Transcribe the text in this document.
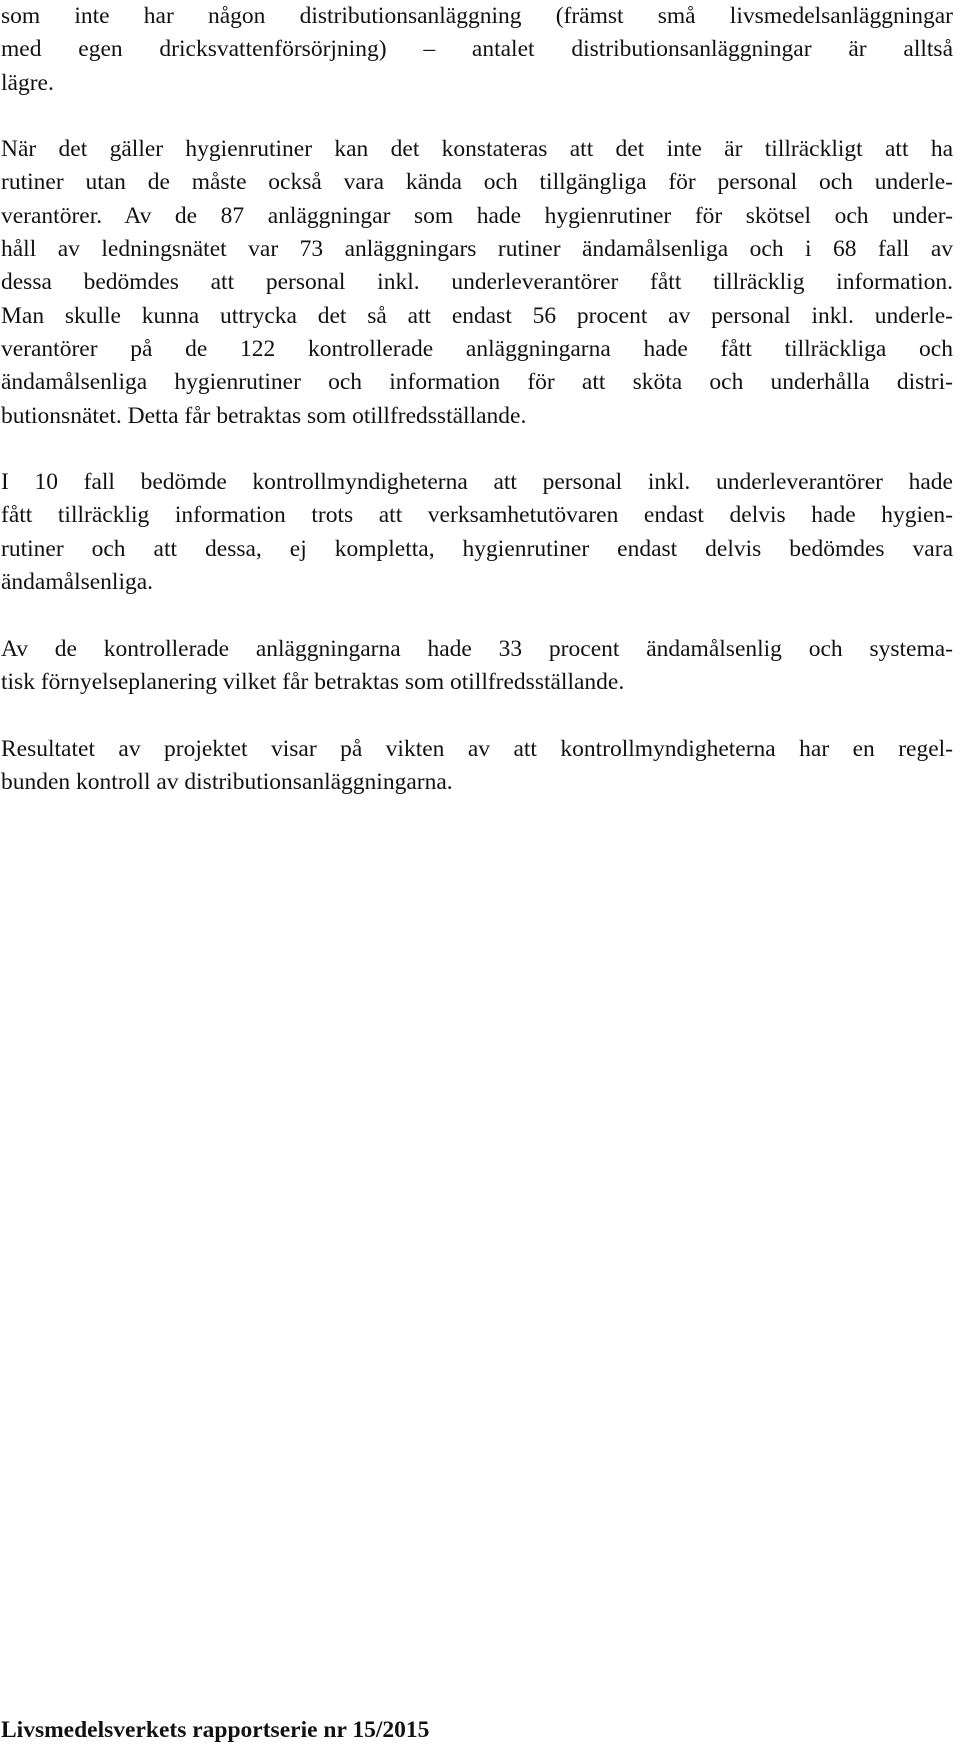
som inte har någon distributionsanläggning (främst små livsmedelsanläggningar
med egen dricksvattenförsörjning) – antalet distributionsanläggningar är alltså
lägre.
När det gäller hygienrutiner kan det konstateras att det inte är tillräckligt att ha
rutiner utan de måste också vara kända och tillgängliga för personal och underle-
verantörer. Av de 87 anläggningar som hade hygienrutiner för skötsel och under-
håll av ledningsnätet var 73 anläggningars rutiner ändamålsenliga och i 68 fall av
dessa bedömdes att personal inkl. underleverantörer fått tillräcklig information.
Man skulle kunna uttrycka det så att endast 56 procent av personal inkl. underle-
verantörer på de 122 kontrollerade anläggningarna hade fått tillräckliga och
ändamålsenliga hygienrutiner och information för att sköta och underhålla distri-
butionsnätet. Detta får betraktas som otillfredsställande.
I 10 fall bedömde kontrollmyndigheterna att personal inkl. underleverantörer hade
fått tillräcklig information trots att verksamhetutövaren endast delvis hade hygien-
rutiner och att dessa, ej kompletta, hygienrutiner endast delvis bedömdes vara
ändamålsenliga.
Av de kontrollerade anläggningarna hade 33 procent ändamålsenlig och systema-
tisk förnyelseplanering vilket får betraktas som otillfredsställande.
Resultatet av projektet visar på vikten av att kontrollmyndigheterna har en regel-
bunden kontroll av distributionsanläggningarna.
Livsmedelsverkets rapportserie nr 15/2015
